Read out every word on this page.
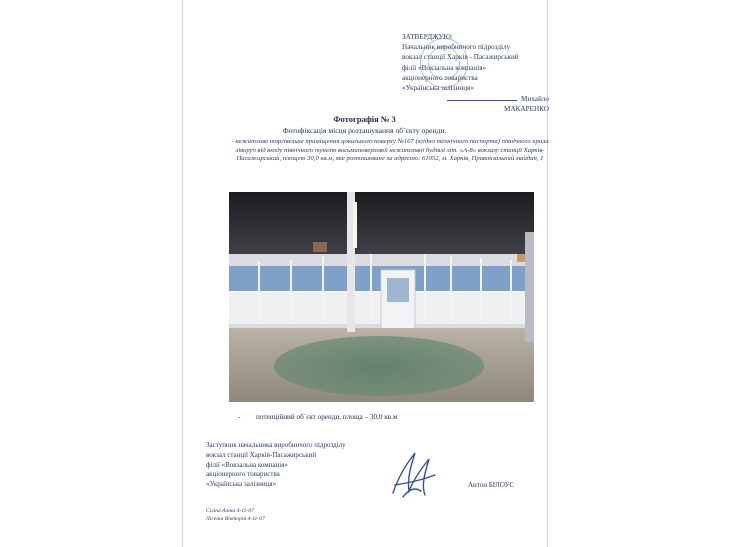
ЗАТВЕРДЖУЮ:
Начальник виробничого підрозділу
вокзал станції Харків - Пасажирський
філії «Вокзальна компанія»
акціонерного товариства
«Українська залізниця»
Михайло МАКАРЕНКО
Фотографія № 3
Фотофіксація місця розташування об`єкту оренди.
- нежитлове торгівельне приміщення цокольного поверху №167 (згідно технічного паспорта) північного крила ліворуч від входу північного тунелю восьмиповерхової нежитлової будівлі літ. «А-8» вокзалу станції Харків-Пасажирський, площею 30,0 кв.м, яке розташоване за адресою: 61052, м. Харків, Привокзальний майдан, 1
- потенційний об`єкт оренди, площа – 30,0 кв.м
Заступник начальника виробничого підрозділу
вокзал станції Харків-Пасажирський
філії «Вокзальна компанія»
акціонерного товариства
«Українська залізниця»	Антон БІЛОУС
Сіліна Аліна 4-11-07
Лісеіна Вікторія 4-11-07
